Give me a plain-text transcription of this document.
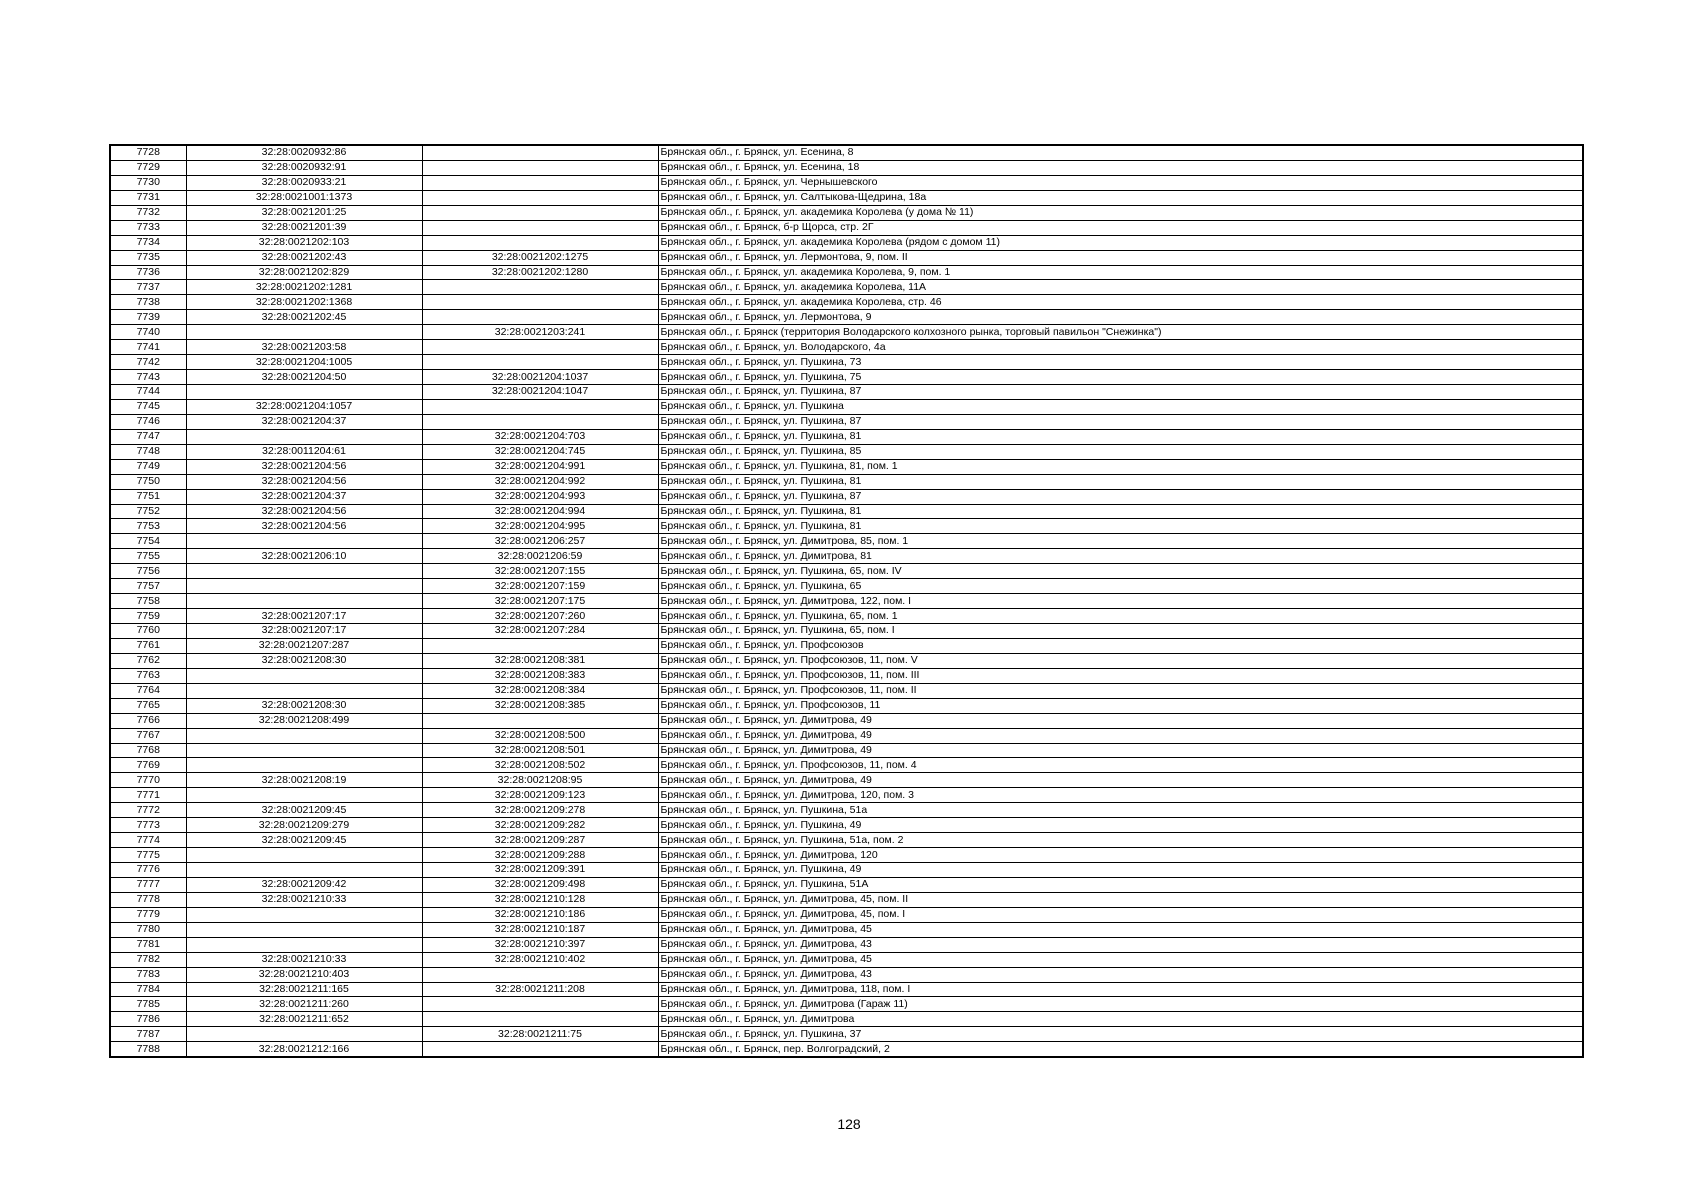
7728	32:28:0020932:86		Брянская обл., г. Брянск, ул. Есенина, 8
7729	32:28:0020932:91		Брянская обл., г. Брянск, ул. Есенина, 18
7730	32:28:0020933:21		Брянская обл., г. Брянск, ул. Чернышевского
7731	32:28:0021001:1373		Брянская обл., г. Брянск, ул. Салтыкова-Щедрина, 18а
7732	32:28:0021201:25		Брянская обл., г. Брянск, ул. академика Королева (у дома № 11)
7733	32:28:0021201:39		Брянская обл., г. Брянск, б-р Щорса, стр. 2Г
7734	32:28:0021202:103		Брянская обл., г. Брянск, ул. академика Королева (рядом с домом 11)
7735	32:28:0021202:43	32:28:0021202:1275	Брянская обл., г. Брянск, ул. Лермонтова, 9, пом. II
7736	32:28:0021202:829	32:28:0021202:1280	Брянская обл., г. Брянск, ул. академика Королева, 9, пом. 1
7737	32:28:0021202:1281		Брянская обл., г. Брянск, ул. академика Королева, 11А
7738	32:28:0021202:1368		Брянская обл., г. Брянск, ул. академика Королева, стр. 46
7739	32:28:0021202:45		Брянская обл., г. Брянск, ул. Лермонтова, 9
7740		32:28:0021203:241	Брянская обл., г. Брянск (территория Володарского колхозного рынка, торговый павильон "Снежинка")
7741	32:28:0021203:58		Брянская обл., г. Брянск, ул. Володарского, 4а
7742	32:28:0021204:1005		Брянская обл., г. Брянск, ул. Пушкина, 73
7743	32:28:0021204:50	32:28:0021204:1037	Брянская обл., г. Брянск, ул. Пушкина, 75
7744		32:28:0021204:1047	Брянская обл., г. Брянск, ул. Пушкина, 87
7745	32:28:0021204:1057		Брянская обл., г. Брянск, ул. Пушкина
7746	32:28:0021204:37		Брянская обл., г. Брянск, ул. Пушкина, 87
7747		32:28:0021204:703	Брянская обл., г. Брянск, ул. Пушкина, 81
7748	32:28:0011204:61	32:28:0021204:745	Брянская обл., г. Брянск, ул. Пушкина, 85
7749	32:28:0021204:56	32:28:0021204:991	Брянская обл., г. Брянск, ул. Пушкина, 81, пом. 1
7750	32:28:0021204:56	32:28:0021204:992	Брянская обл., г. Брянск, ул. Пушкина, 81
7751	32:28:0021204:37	32:28:0021204:993	Брянская обл., г. Брянск, ул. Пушкина, 87
7752	32:28:0021204:56	32:28:0021204:994	Брянская обл., г. Брянск, ул. Пушкина, 81
7753	32:28:0021204:56	32:28:0021204:995	Брянская обл., г. Брянск, ул. Пушкина, 81
7754		32:28:0021206:257	Брянская обл., г. Брянск, ул. Димитрова, 85, пом. 1
7755	32:28:0021206:10	32:28:0021206:59	Брянская обл., г. Брянск, ул. Димитрова, 81
7756		32:28:0021207:155	Брянская обл., г. Брянск, ул. Пушкина, 65, пом. IV
7757		32:28:0021207:159	Брянская обл., г. Брянск, ул. Пушкина, 65
7758		32:28:0021207:175	Брянская обл., г. Брянск, ул. Димитрова, 122, пом. I
7759	32:28:0021207:17	32:28:0021207:260	Брянская обл., г. Брянск, ул. Пушкина, 65, пом. 1
7760	32:28:0021207:17	32:28:0021207:284	Брянская обл., г. Брянск, ул. Пушкина, 65, пом. I
7761	32:28:0021207:287		Брянская обл., г. Брянск, ул. Профсоюзов
7762	32:28:0021208:30	32:28:0021208:381	Брянская обл., г. Брянск, ул. Профсоюзов, 11, пом. V
7763		32:28:0021208:383	Брянская обл., г. Брянск, ул. Профсоюзов, 11, пом. III
7764		32:28:0021208:384	Брянская обл., г. Брянск, ул. Профсоюзов, 11, пом. II
7765	32:28:0021208:30	32:28:0021208:385	Брянская обл., г. Брянск, ул. Профсоюзов, 11
7766	32:28:0021208:499		Брянская обл., г. Брянск, ул. Димитрова, 49
7767		32:28:0021208:500	Брянская обл., г. Брянск, ул. Димитрова, 49
7768		32:28:0021208:501	Брянская обл., г. Брянск, ул. Димитрова, 49
7769		32:28:0021208:502	Брянская обл., г. Брянск, ул. Профсоюзов, 11, пом. 4
7770	32:28:0021208:19	32:28:0021208:95	Брянская обл., г. Брянск, ул. Димитрова, 49
7771		32:28:0021209:123	Брянская обл., г. Брянск, ул. Димитрова, 120, пом. 3
7772	32:28:0021209:45	32:28:0021209:278	Брянская обл., г. Брянск, ул. Пушкина, 51а
7773	32:28:0021209:279	32:28:0021209:282	Брянская обл., г. Брянск, ул. Пушкина, 49
7774	32:28:0021209:45	32:28:0021209:287	Брянская обл., г. Брянск, ул. Пушкина, 51а, пом. 2
7775		32:28:0021209:288	Брянская обл., г. Брянск, ул. Димитрова, 120
7776		32:28:0021209:391	Брянская обл., г. Брянск, ул. Пушкина, 49
7777	32:28:0021209:42	32:28:0021209:498	Брянская обл., г. Брянск, ул. Пушкина, 51А
7778	32:28:0021210:33	32:28:0021210:128	Брянская обл., г. Брянск, ул. Димитрова, 45, пом. II
7779		32:28:0021210:186	Брянская обл., г. Брянск, ул. Димитрова, 45, пом. I
7780		32:28:0021210:187	Брянская обл., г. Брянск, ул. Димитрова, 45
7781		32:28:0021210:397	Брянская обл., г. Брянск, ул. Димитрова, 43
7782	32:28:0021210:33	32:28:0021210:402	Брянская обл., г. Брянск, ул. Димитрова, 45
7783	32:28:0021210:403		Брянская обл., г. Брянск, ул. Димитрова, 43
7784	32:28:0021211:165	32:28:0021211:208	Брянская обл., г. Брянск, ул. Димитрова, 118, пом. I
7785	32:28:0021211:260		Брянская обл., г. Брянск, ул. Димитрова (Гараж 11)
7786	32:28:0021211:652		Брянская обл., г. Брянск, ул. Димитрова
7787		32:28:0021211:75	Брянская обл., г. Брянск, ул. Пушкина, 37
7788	32:28:0021212:166		Брянская обл., г. Брянск, пер. Волгоградский, 2
128
